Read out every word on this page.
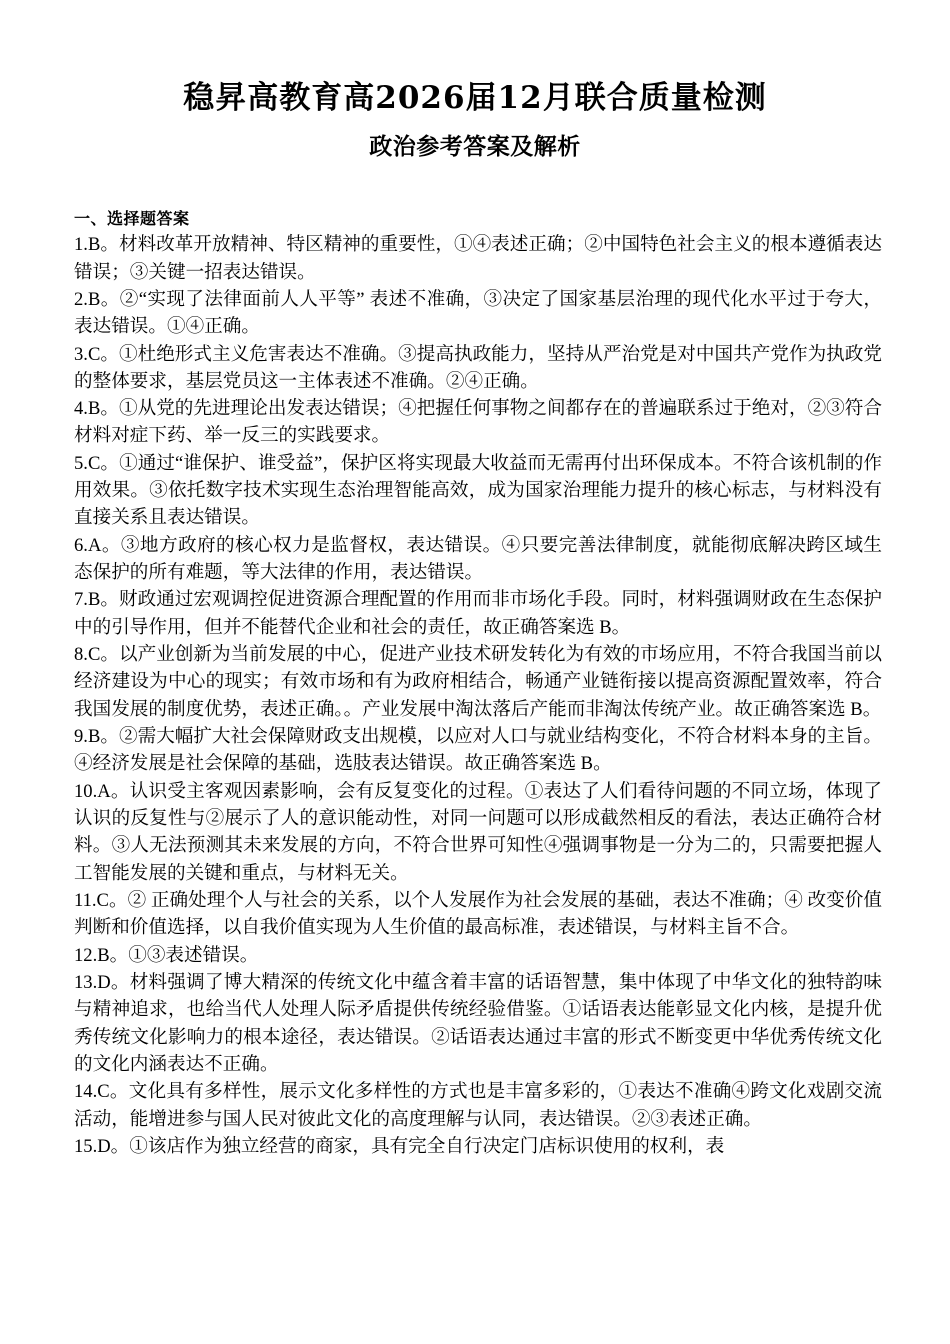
稳昇高教育高2026届12月联合质量检测
政治参考答案及解析
一、选择题答案

1.B。材料改革开放精神、特区精神的重要性，①④表述正确；②中国特色社会主义的根本遵循表达错误；③关键一招表达错误。

2.B。②“实现了法律面前人人平等” 表述不准确，③决定了国家基层治理的现代化水平过于夸大，表达错误。①④正确。

3.C。①杜绝形式主义危害表达不准确。③提高执政能力，坚持从严治党是对中国共产党作为执政党的整体要求，基层党员这一主体表述不准确。②④正确。

4.B。①从党的先进理论出发表达错误；④把握任何事物之间都存在的普遍联系过于绝对，②③符合材料对症下药、举一反三的实践要求。

5.C。①通过“谁保护、谁受益”，保护区将实现最大收益而无需再付出环保成本。不符合该机制的作用效果。③依托数字技术实现生态治理智能高效，成为国家治理能力提升的核心标志，与材料没有直接关系且表达错误。

6.A。③地方政府的核心权力是监督权，表达错误。④只要完善法律制度，就能彻底解决跨区域生态保护的所有难题，等大法律的作用，表达错误。

7.B。财政通过宏观调控促进资源合理配置的作用而非市场化手段。同时，材料强调财政在生态保护中的引导作用，但并不能替代企业和社会的责任，故正确答案选 B。

8.C。以产业创新为当前发展的中心，促进产业技术研发转化为有效的市场应用，不符合我国当前以经济建设为中心的现实；有效市场和有为政府相结合，畅通产业链衔接以提高资源配置效率，符合我国发展的制度优势，表述正确。。产业发展中淘汰落后产能而非淘汰传统产业。故正确答案选 B。

9.B。②需大幅扩大社会保障财政支出规模，以应对人口与就业结构变化，不符合材料本身的主旨。④经济发展是社会保障的基础，选肢表达错误。故正确答案选 B。

10.A。认识受主客观因素影响，会有反复变化的过程。①表达了人们看待问题的不同立场，体现了认识的反复性与②展示了人的意识能动性，对同一问题可以形成截然相反的看法，表达正确符合材料。③人无法预测其未来发展的方向，不符合世界可知性④强调事物是一分为二的，只需要把握人工智能发展的关键和重点，与材料无关。

11.C。② 正确处理个人与社会的关系，以个人发展作为社会发展的基础，表达不准确；④ 改变价值判断和价值选择，以自我价值实现为人生价值的最高标准，表述错误，与材料主旨不合。

12.B。①③表述错误。

13.D。材料强调了博大精深的传统文化中蕴含着丰富的话语智慧，集中体现了中华文化的独特韵味与精神追求，也给当代人处理人际矛盾提供传统经验借鉴。①话语表达能彰显文化内核，是提升优秀传统文化影响力的根本途径，表达错误。②话语表达通过丰富的形式不断变更中华优秀传统文化的文化内涵表达不正确。

14.C。文化具有多样性，展示文化多样性的方式也是丰富多彩的，①表达不准确④跨文化戏剧交流活动，能增进参与国人民对彼此文化的高度理解与认同，表达错误。②③表述正确。

15.D。①该店作为独立经营的商家，具有完全自行决定门店标识使用的权利，表
